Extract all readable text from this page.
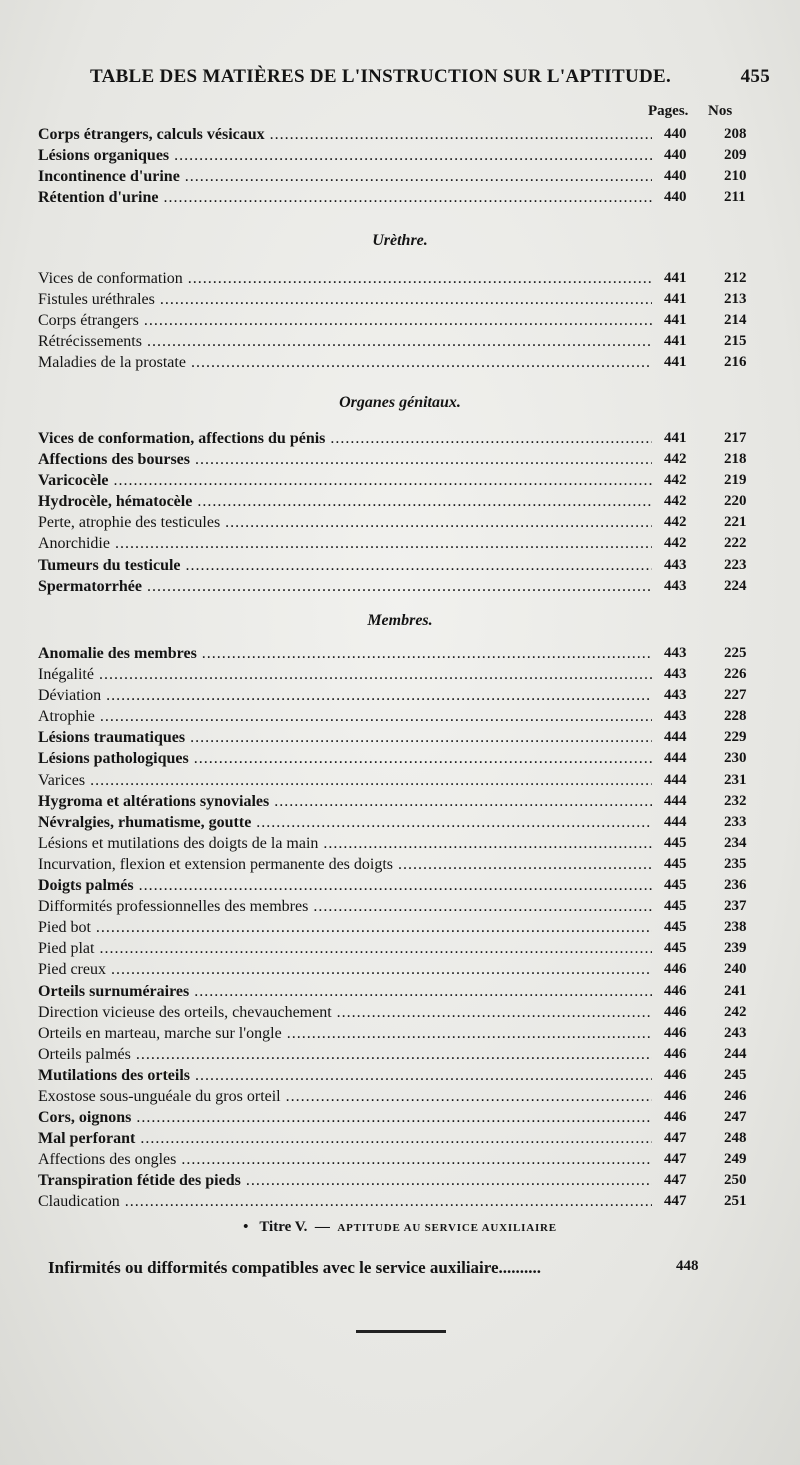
TABLE DES MATIÈRES DE L'INSTRUCTION SUR L'APTITUDE.	455
Pages. Nos
Corps étrangers, calculs vésicaux .....	440	208
Lésions organiques .....	440	209
Incontinence d'urine .....	440	210
Rétention d'urine .....	440	211
Urèthre.
Vices de conformation .....	441	212
Fistules uréthrales .....	441	213
Corps étrangers .....	441	214
Rétrécissements .....	441	215
Maladies de la prostate .....	441	216
Organes génitaux.
Vices de conformation, affections du pénis .....	441	217
Affections des bourses .....	442	218
Varicocèle .....	442	219
Hydrocèle, hématocèle .....	442	220
Perte, atrophie des testicules .....	442	221
Anorchidie .....	442	222
Tumeurs du testicule .....	443	223
Spermatorrhée .....	443	224
Membres.
Anomalie des membres .....	443	225
Inégalité .....	443	226
Déviation .....	443	227
Atrophie .....	443	228
Lésions traumatiques .....	444	229
Lésions pathologiques .....	444	230
Varices .....	444	231
Hygroma et altérations synoviales .....	444	232
Névralgies, rhumatisme, goutte .....	444	233
Lésions et mutilations des doigts de la main .....	445	234
Incurvation, flexion et extension permanente des doigts .....	445	235
Doigts palmés .....	445	236
Difformités professionnelles des membres .....	445	237
Pied bot .....	445	238
Pied plat .....	445	239
Pied creux .....	446	240
Orteils surnuméraires .....	446	241
Direction vicieuse des orteils, chevauchement .....	446	242
Orteils en marteau, marche sur l'ongle .....	446	243
Orteils palmés .....	446	244
Mutilations des orteils .....	446	245
Exostose sous-unguéale du gros orteil .....	446	246
Cors, oignons .....	446	247
Mal perforant .....	447	248
Affections des ongles .....	447	249
Transpiration fétide des pieds .....	447	250
Claudication .....	447	251
• Titre V. — APTITUDE AU SERVICE AUXILIAIRE
Infirmités ou difformités compatibles avec le service auxiliaire..........	448
